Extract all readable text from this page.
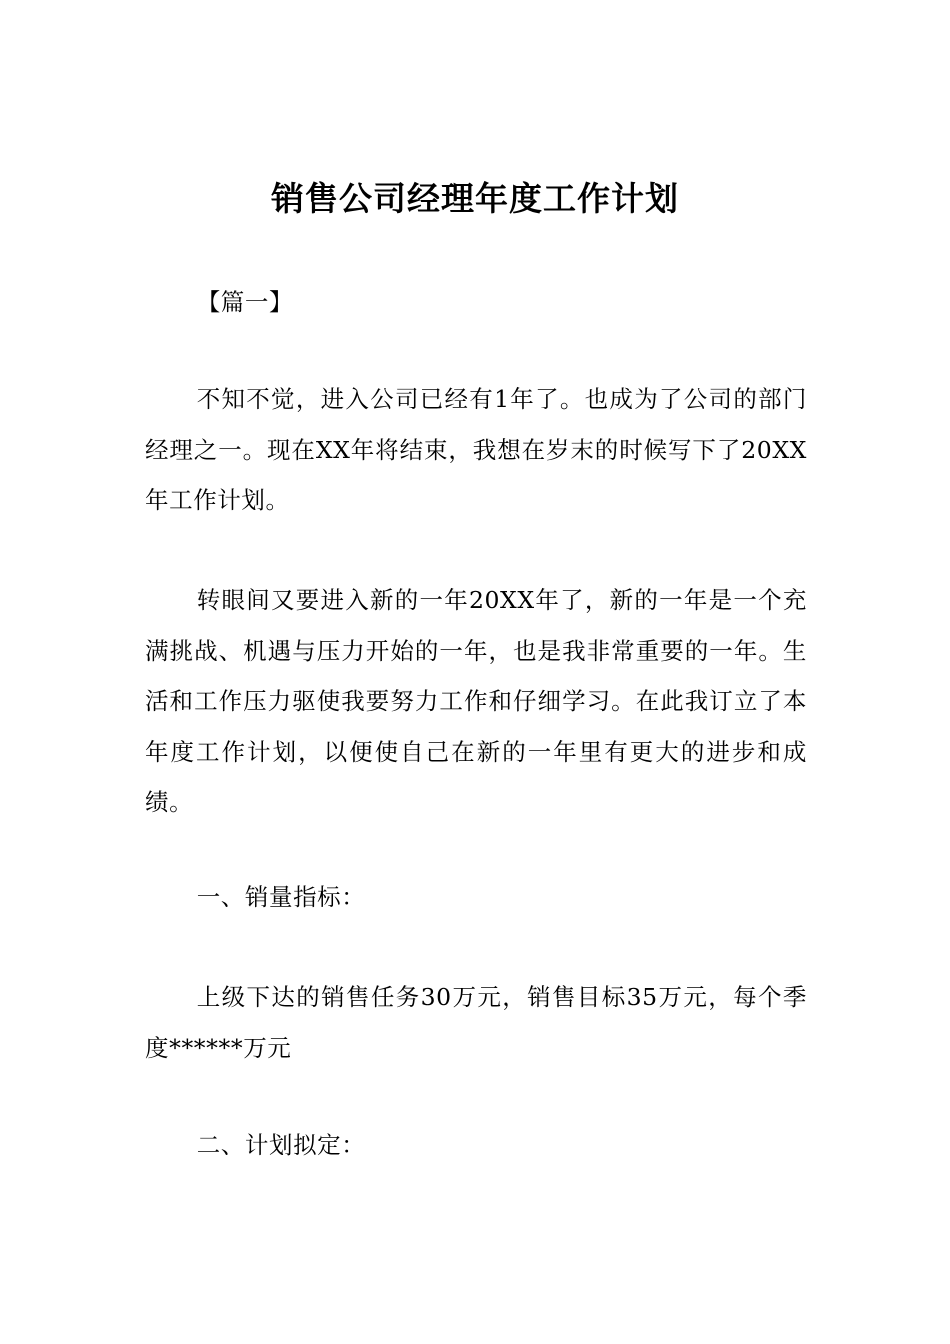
销售公司经理年度工作计划

【篇一】

不知不觉，进入公司已经有1年了。也成为了公司的部门经理之一。现在XX年将结束，我想在岁末的时候写下了20XX年工作计划。

转眼间又要进入新的一年20XX年了，新的一年是一个充满挑战、机遇与压力开始的一年，也是我非常重要的一年。生活和工作压力驱使我要努力工作和仔细学习。在此我订立了本年度工作计划，以便使自己在新的一年里有更大的进步和成绩。

一、销量指标：

上级下达的销售任务30万元，销售目标35万元，每个季度******万元

二、计划拟定：
